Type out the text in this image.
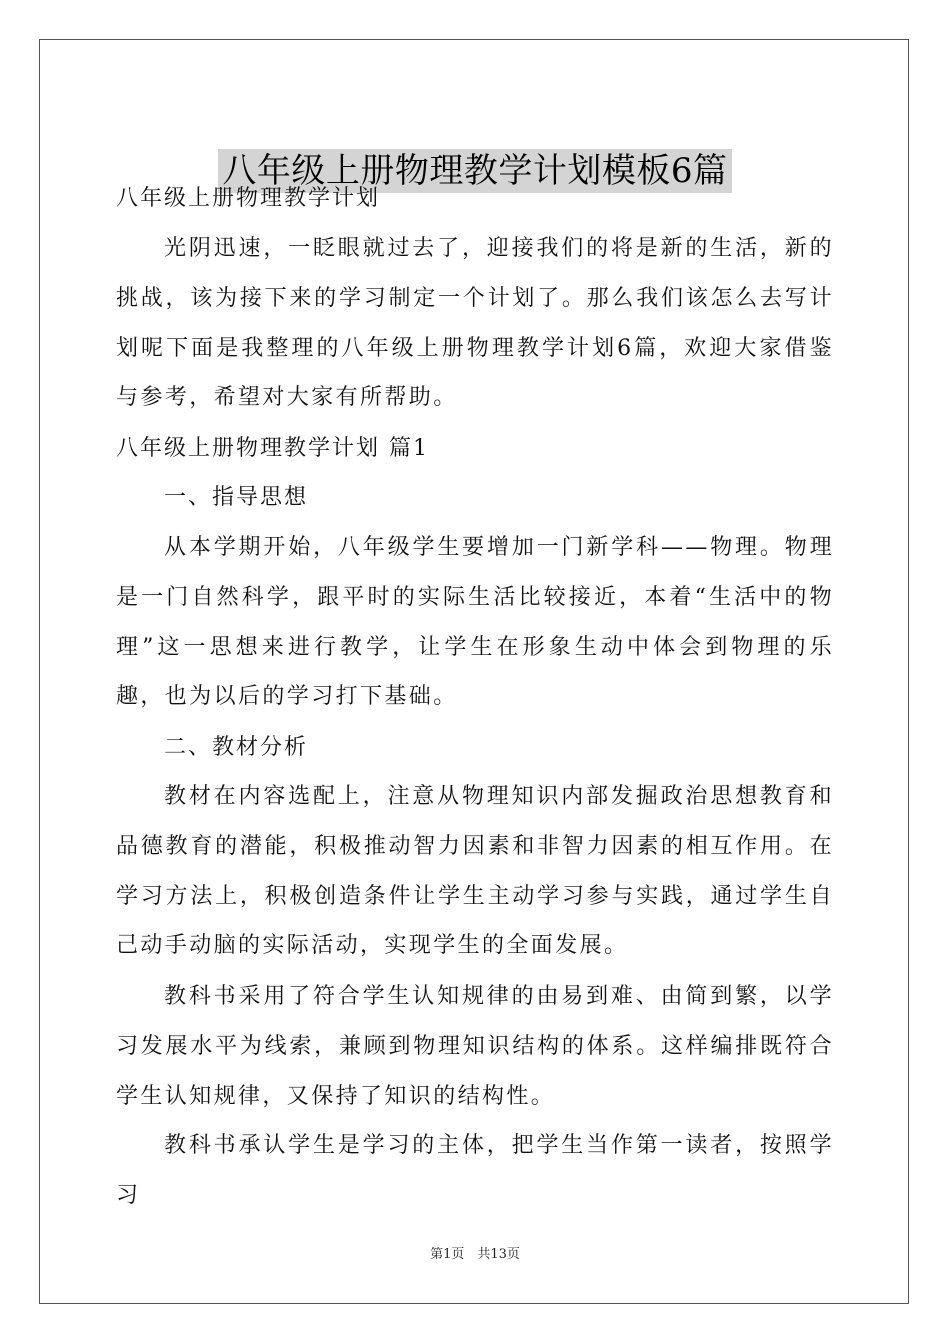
八年级上册物理教学计划模板6篇

八年级上册物理教学计划

光阴迅速，一眨眼就过去了，迎接我们的将是新的生活，新的挑战，该为接下来的学习制定一个计划了。那么我们该怎么去写计划呢下面是我整理的八年级上册物理教学计划6篇，欢迎大家借鉴与参考，希望对大家有所帮助。

八年级上册物理教学计划 篇1

一、指导思想

从本学期开始，八年级学生要增加一门新学科——物理。物理是一门自然科学，跟平时的实际生活比较接近，本着“生活中的物理”这一思想来进行教学，让学生在形象生动中体会到物理的乐趣，也为以后的学习打下基础。

二、教材分析

教材在内容选配上，注意从物理知识内部发掘政治思想教育和品德教育的潜能，积极推动智力因素和非智力因素的相互作用。在学习方法上，积极创造条件让学生主动学习参与实践，通过学生自己动手动脑的实际活动，实现学生的全面发展。

教科书采用了符合学生认知规律的由易到难、由简到繁，以学习发展水平为线索，兼顾到物理知识结构的体系。这样编排既符合学生认知规律，又保持了知识的结构性。

教科书承认学生是学习的主体，把学生当作第一读者，按照学习

第1页　共13页
